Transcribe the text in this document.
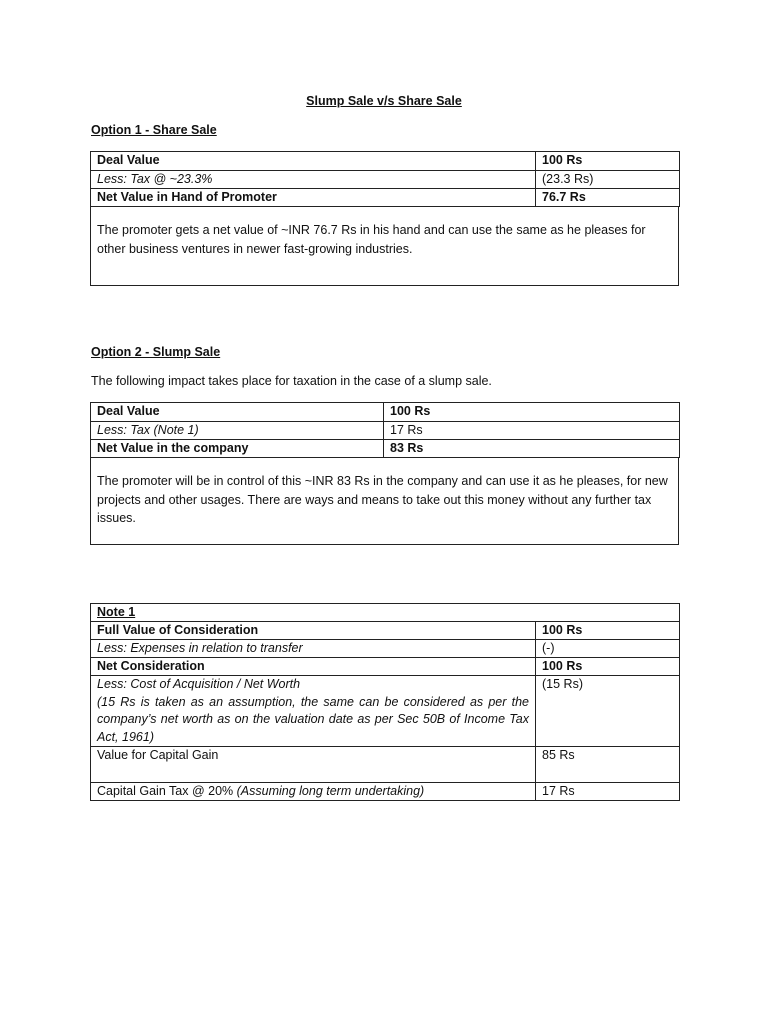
Slump Sale v/s Share Sale
Option 1 - Share Sale
Deal Value	100 Rs
Less: Tax @ ~23.3%	(23.3 Rs)
Net Value in Hand of Promoter	76.7 Rs
The promoter gets a net value of ~INR 76.7 Rs in his hand and can use the same as he pleases for other business ventures in newer fast-growing industries.
Option 2 - Slump Sale
The following impact takes place for taxation in the case of a slump sale.
Deal Value	100 Rs
Less: Tax (Note 1)	17 Rs
Net Value in the company	83 Rs
The promoter will be in control of this ~INR 83 Rs in the company and can use it as he pleases, for new projects and other usages. There are ways and means to take out this money without any further tax issues.
Note 1	
Full Value of Consideration	100 Rs
Less: Expenses in relation to transfer	(-)
Net Consideration	100 Rs

Less: Cost of Acquisition / Net Worth
(15 Rs is taken as an assumption, the same can be considered as per the company’s net worth as on the valuation date as per Sec 50B of Income Tax Act, 1961)	(15 Rs)
Value for Capital Gain	85 Rs
Capital Gain Tax @ 20% (Assuming long term undertaking)	17 Rs
